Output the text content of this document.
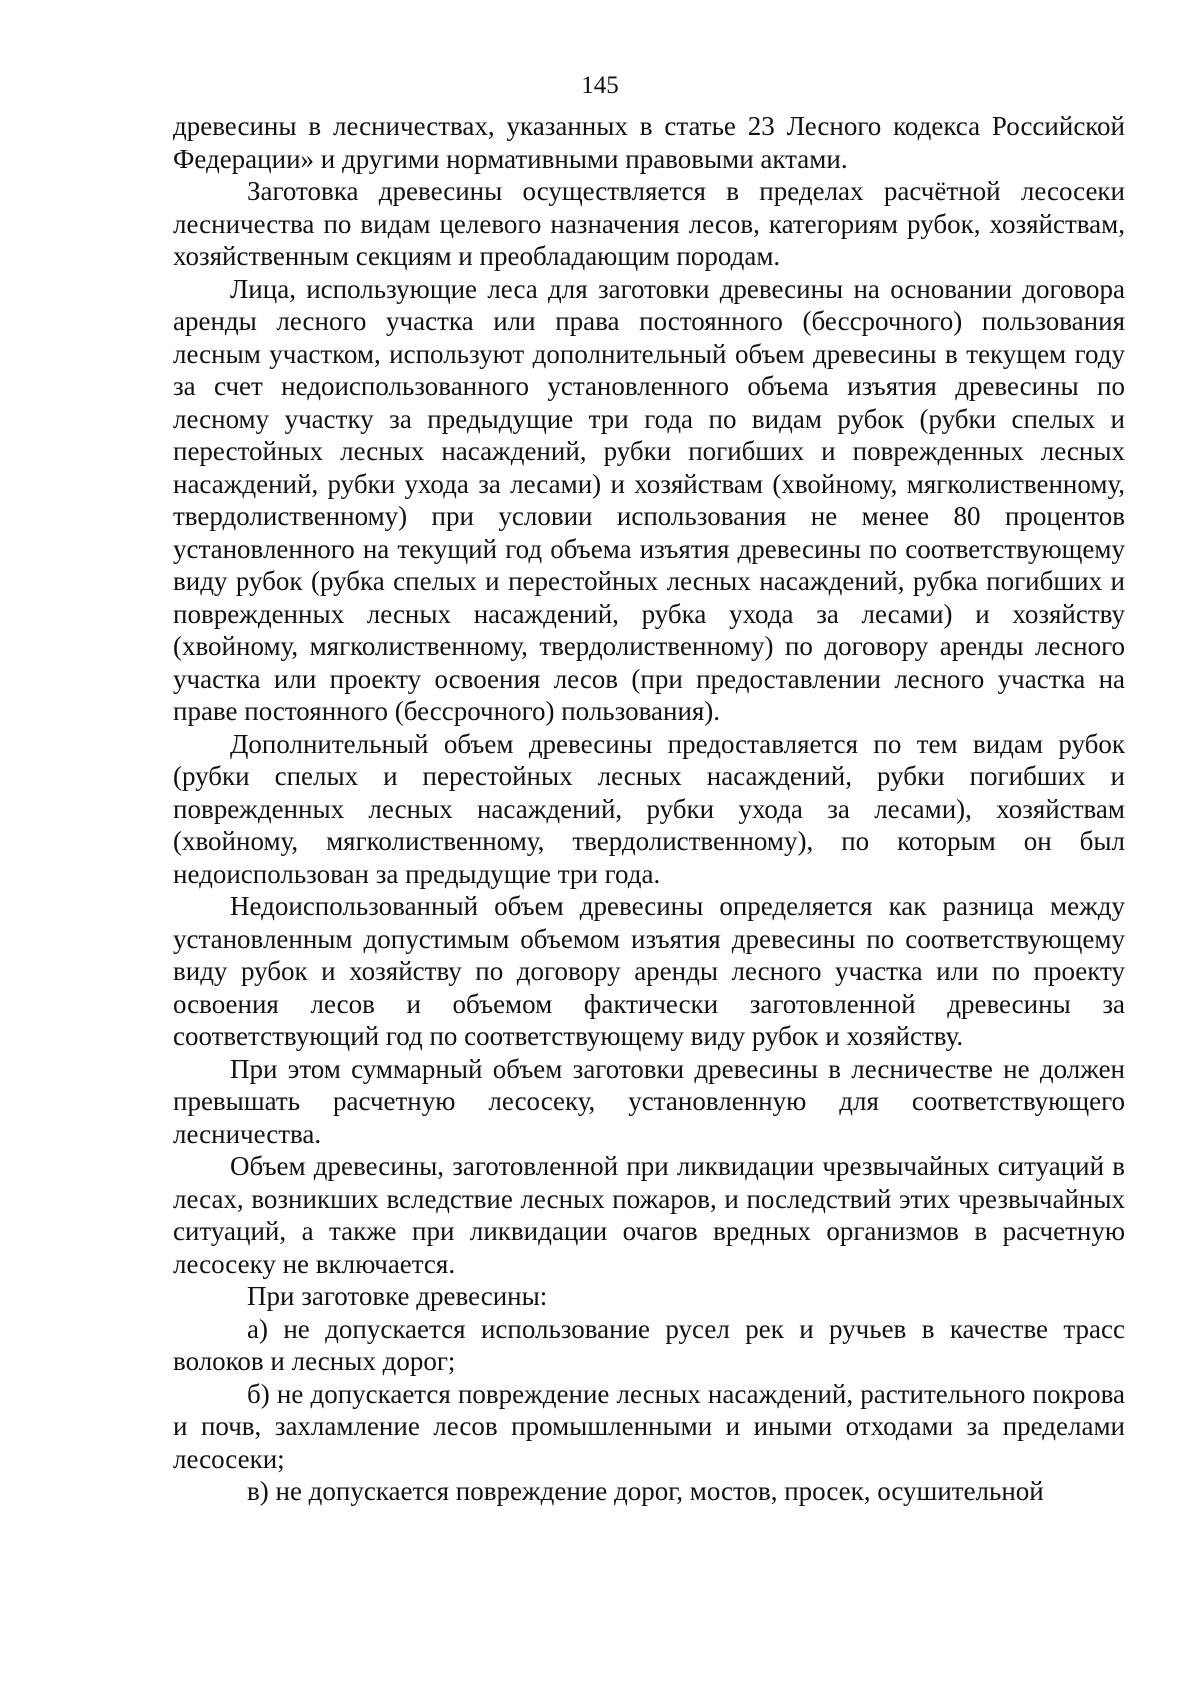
145

древесины в лесничествах, указанных в статье 23 Лесного кодекса Российской Федерации» и другими нормативными правовыми актами.

Заготовка древесины осуществляется в пределах расчётной лесосеки лесничества по видам целевого назначения лесов, категориям рубок, хозяйствам, хозяйственным секциям и преобладающим породам.

Лица, использующие леса для заготовки древесины на основании договора аренды лесного участка или права постоянного (бессрочного) пользования лесным участком, используют дополнительный объем древесины в текущем году за счет недоиспользованного установленного объема изъятия древесины по лесному участку за предыдущие три года по видам рубок (рубки спелых и перестойных лесных насаждений, рубки погибших и поврежденных лесных насаждений, рубки ухода за лесами) и хозяйствам (хвойному, мягколиственному, твердолиственному) при условии использования не менее 80 процентов установленного на текущий год объема изъятия древесины по соответствующему виду рубок (рубка спелых и перестойных лесных насаждений, рубка погибших и поврежденных лесных насаждений, рубка ухода за лесами) и хозяйству (хвойному, мягколиственному, твердолиственному) по договору аренды лесного участка или проекту освоения лесов (при предоставлении лесного участка на праве постоянного (бессрочного) пользования).

Дополнительный объем древесины предоставляется по тем видам рубок (рубки спелых и перестойных лесных насаждений, рубки погибших и поврежденных лесных насаждений, рубки ухода за лесами), хозяйствам (хвойному, мягколиственному, твердолиственному), по которым он был недоиспользован за предыдущие три года.

Недоиспользованный объем древесины определяется как разница между установленным допустимым объемом изъятия древесины по соответствующему виду рубок и хозяйству по договору аренды лесного участка или по проекту освоения лесов и объемом фактически заготовленной древесины за соответствующий год по соответствующему виду рубок и хозяйству.

При этом суммарный объем заготовки древесины в лесничестве не должен превышать расчетную лесосеку, установленную для соответствующего лесничества.

Объем древесины, заготовленной при ликвидации чрезвычайных ситуаций в лесах, возникших вследствие лесных пожаров, и последствий этих чрезвычайных ситуаций, а также при ликвидации очагов вредных организмов в расчетную лесосеку не включается.

При заготовке древесины:

а) не допускается использование русел рек и ручьев в качестве трасс волоков и лесных дорог;

б) не допускается повреждение лесных насаждений, растительного покрова и почв, захламление лесов промышленными и иными отходами за пределами лесосеки;

в) не допускается повреждение дорог, мостов, просек, осушительной
